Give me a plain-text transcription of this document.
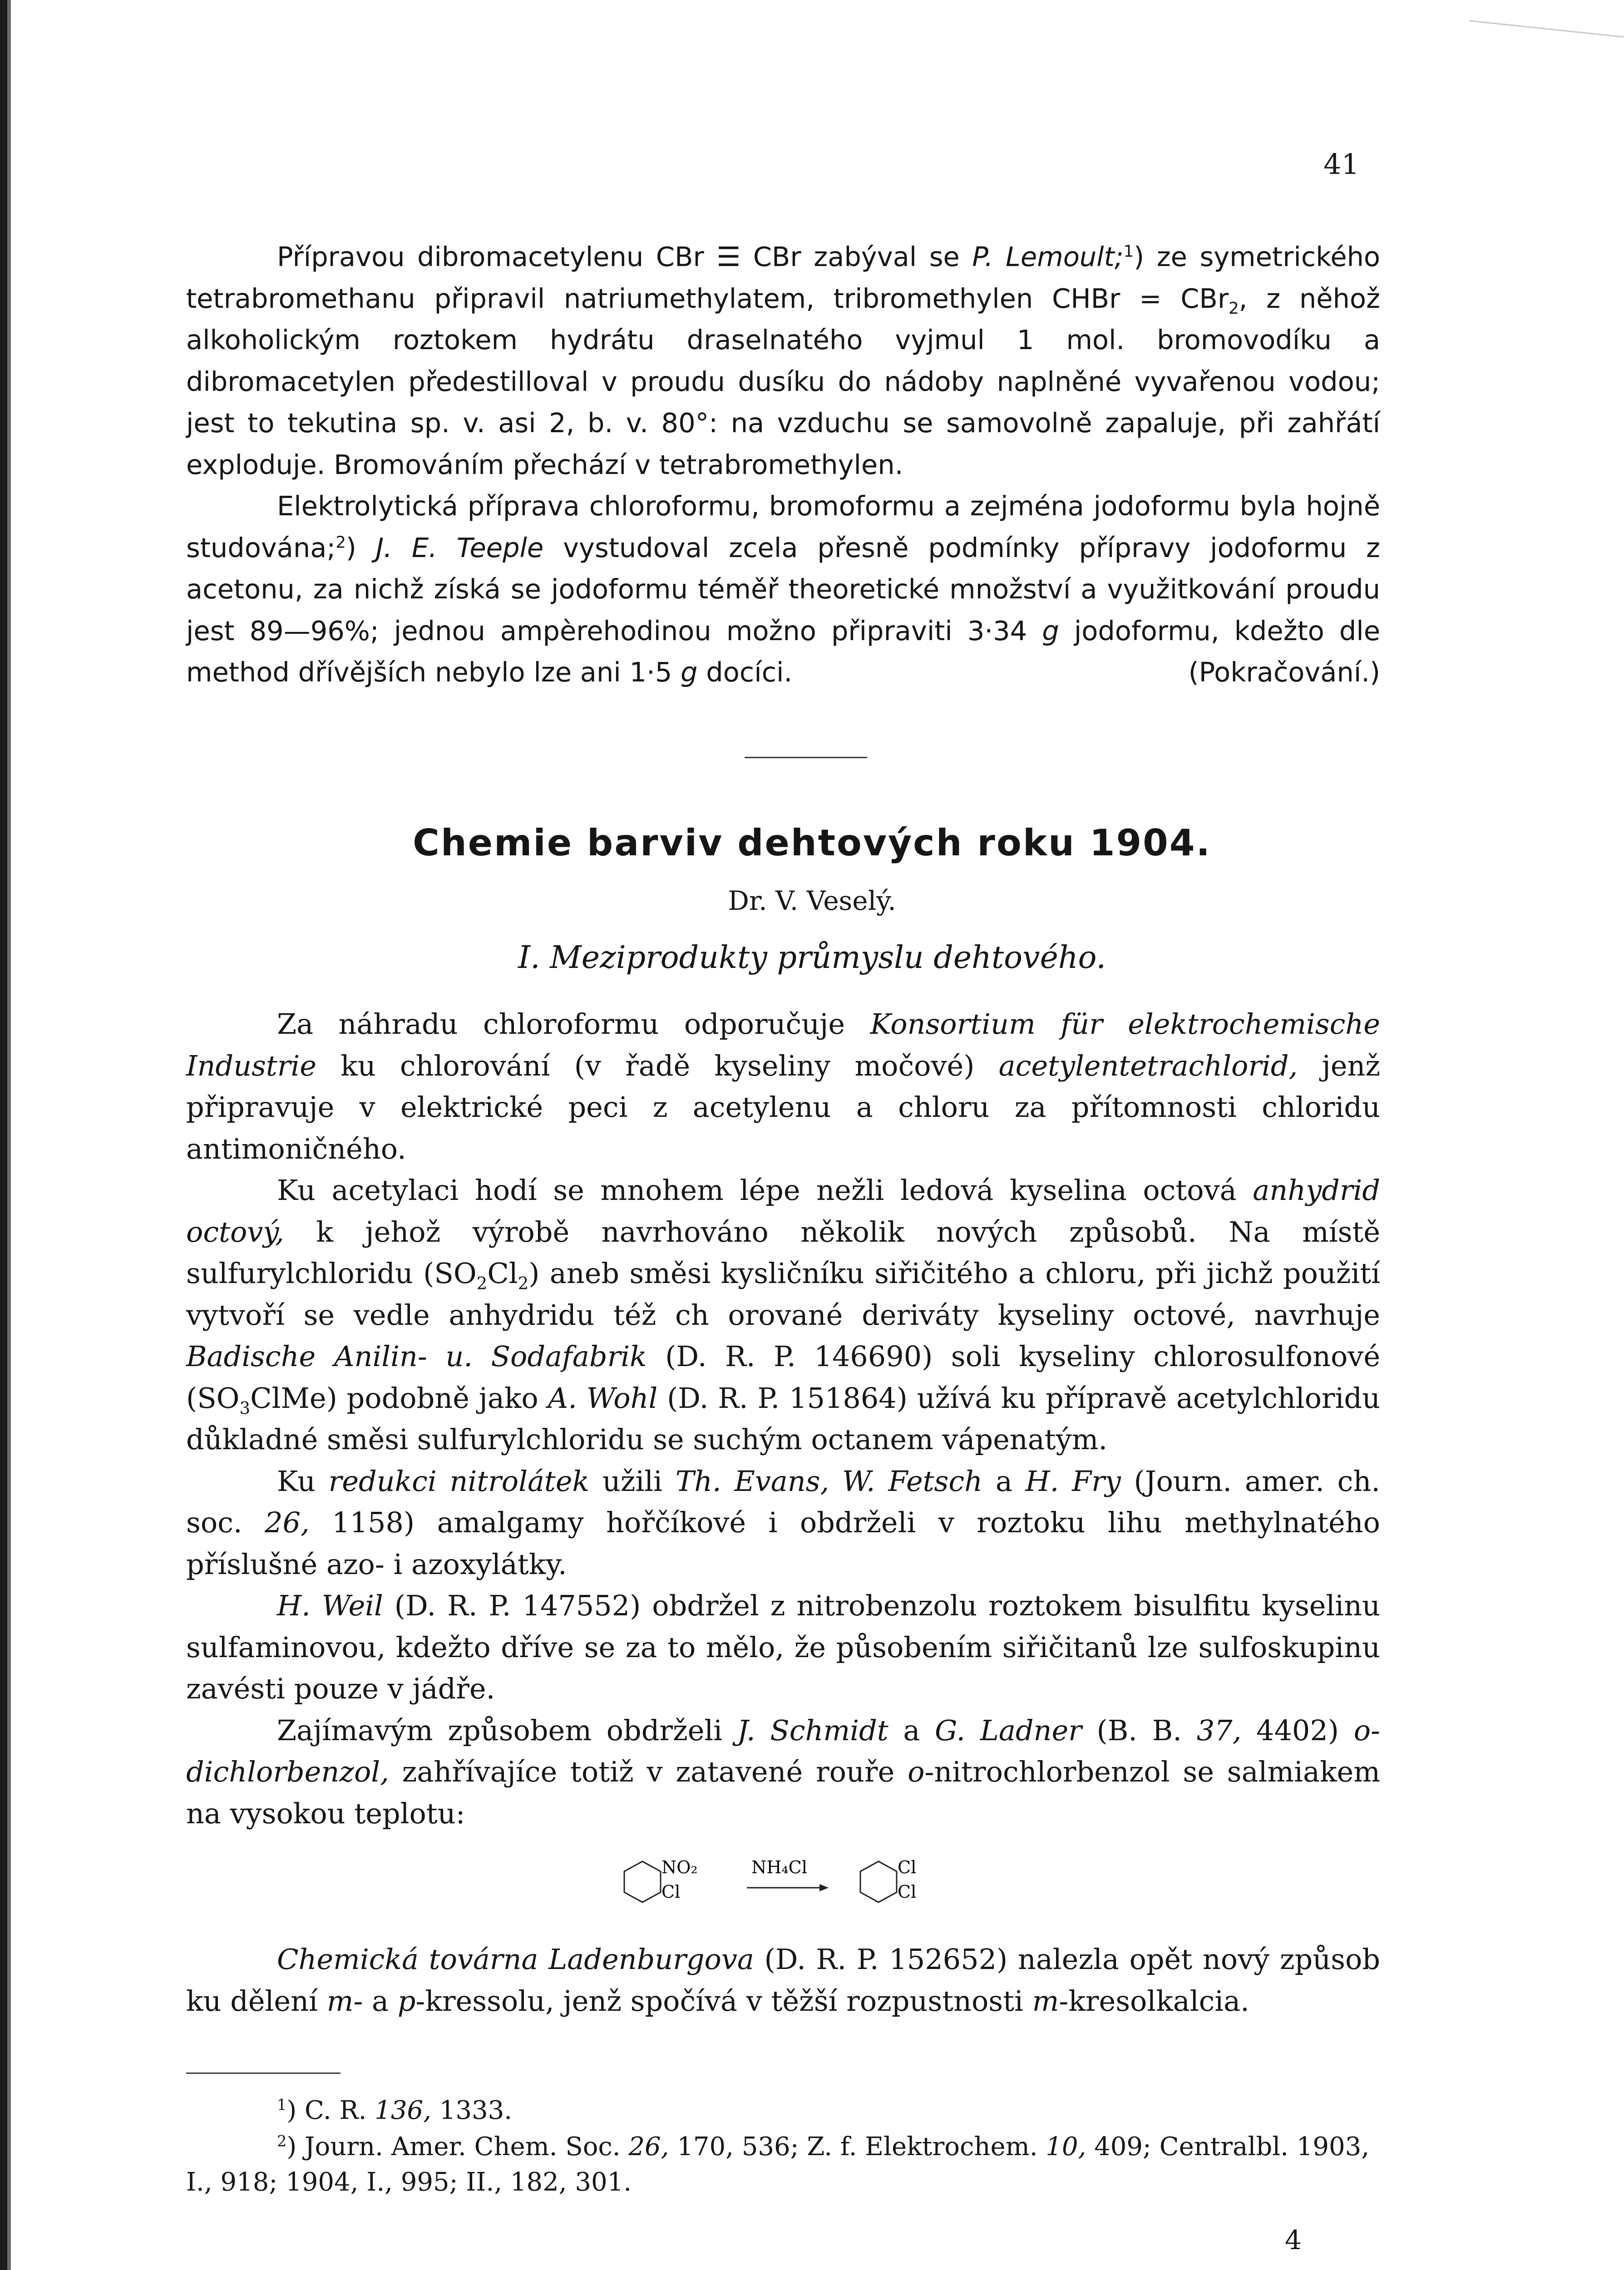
41

Přípravou dibromacetylenu CBr ☰ CBr zabýval se P. Lemoult;$^1$) ze symetrického tetrabromethanu připravil natriumethylatem, tribromethylen CHBr = CBr$_2$, z něhož alkoholickým roztokem hydrátu draselnatého vyjmul 1 mol. bromovodíku a dibromacetylen předestilloval v proudu dusíku do nádoby naplněné vyvařenou vodou; jest to tekutina sp. v. asi 2, b. v. 80°: na vzduchu se samovolně zapaluje, při zahřátí exploduje. Bromováním přechází v tetrabromethylen.

Elektrolytická příprava chloroformu, bromoformu a zejména jodoformu byla hojně studována;$^2$) J. E. Teeple vystudoval zcela přesně podmínky přípravy jodoformu z acetonu, za nichž získá se jodoformu téměř theoretické množství a využitkování proudu jest 89—96%; jednou ampèrehodinou možno připraviti 3·34 g jodoformu, kdežto dle method dřívějších nebylo lze ani 1·5 g docíci.	(Pokračování.)

Chemie barviv dehtových roku 1904.
Dr. V. Veselý.
I. Meziprodukty průmyslu dehtového.

Za náhradu chloroformu odporučuje Konsortium für elektrochemische Industrie ku chlorování (v řadě kyseliny močové) acetylentetrachlorid, jenž připravuje v elektrické peci z acetylenu a chloru za přítomnosti chloridu antimoničného.

Ku acetylaci hodí se mnohem lépe nežli ledová kyselina octová anhydrid octový, k jehož výrobě navrhováno několik nových způsobů. Na místě sulfurylchloridu $(SO_2Cl_2)$ aneb směsi kysličníku siřičitého a chloru, při jichž použití vytvoří se vedle anhydridu též ch orované deriváty kyseliny octové, navrhuje Badische Anilin- u. Sodafabrik (D. R. P. 146690) soli kyseliny chlorosulfonové $(SO_3ClMe)$ podobně jako A. Wohl (D. R. P. 151864) užívá ku přípravě acetylchloridu důkladné směsi sulfurylchloridu se suchým octanem vápenatým.

Ku redukci nitrolátek užili Th. Evans, W. Fetsch a H. Fry (Journ. amer. ch. soc. 26, 1158) amalgamy hořčíkové i obdrželi v roztoku lihu methylnatého příslušné azo- i azoxylátky.

H. Weil (D. R. P. 147552) obdržel z nitrobenzolu roztokem bisulfitu kyselinu sulfaminovou, kdežto dříve se za to mělo, že působením siřičitanů lze sulfoskupinu zavésti pouze v jádře.

Zajímavým způsobem obdrželi J. Schmidt a G. Ladner (B. B. 37, 4402) o-dichlorbenzol, zahřívajíce totiž v zatavené rouře o-nitrochlorbenzol se salmiakem na vysokou teplotu:

NO₂
Cl
NH₄Cl	Cl
Cl

Chemická továrna Ladenburgova (D. R. P. 152652) nalezla opět nový způsob ku dělení m- a p-kressolu, jenž spočívá v těžší rozpustnosti m-kresolkalcia.

$^1$) C. R. 136, 1333.
$^2$) Journ. Amer. Chem. Soc. 26, 170, 536; Z. f. Elektrochem. 10, 409; Centralbl. 1903, I., 918; 1904, I., 995; II., 182, 301.
4
